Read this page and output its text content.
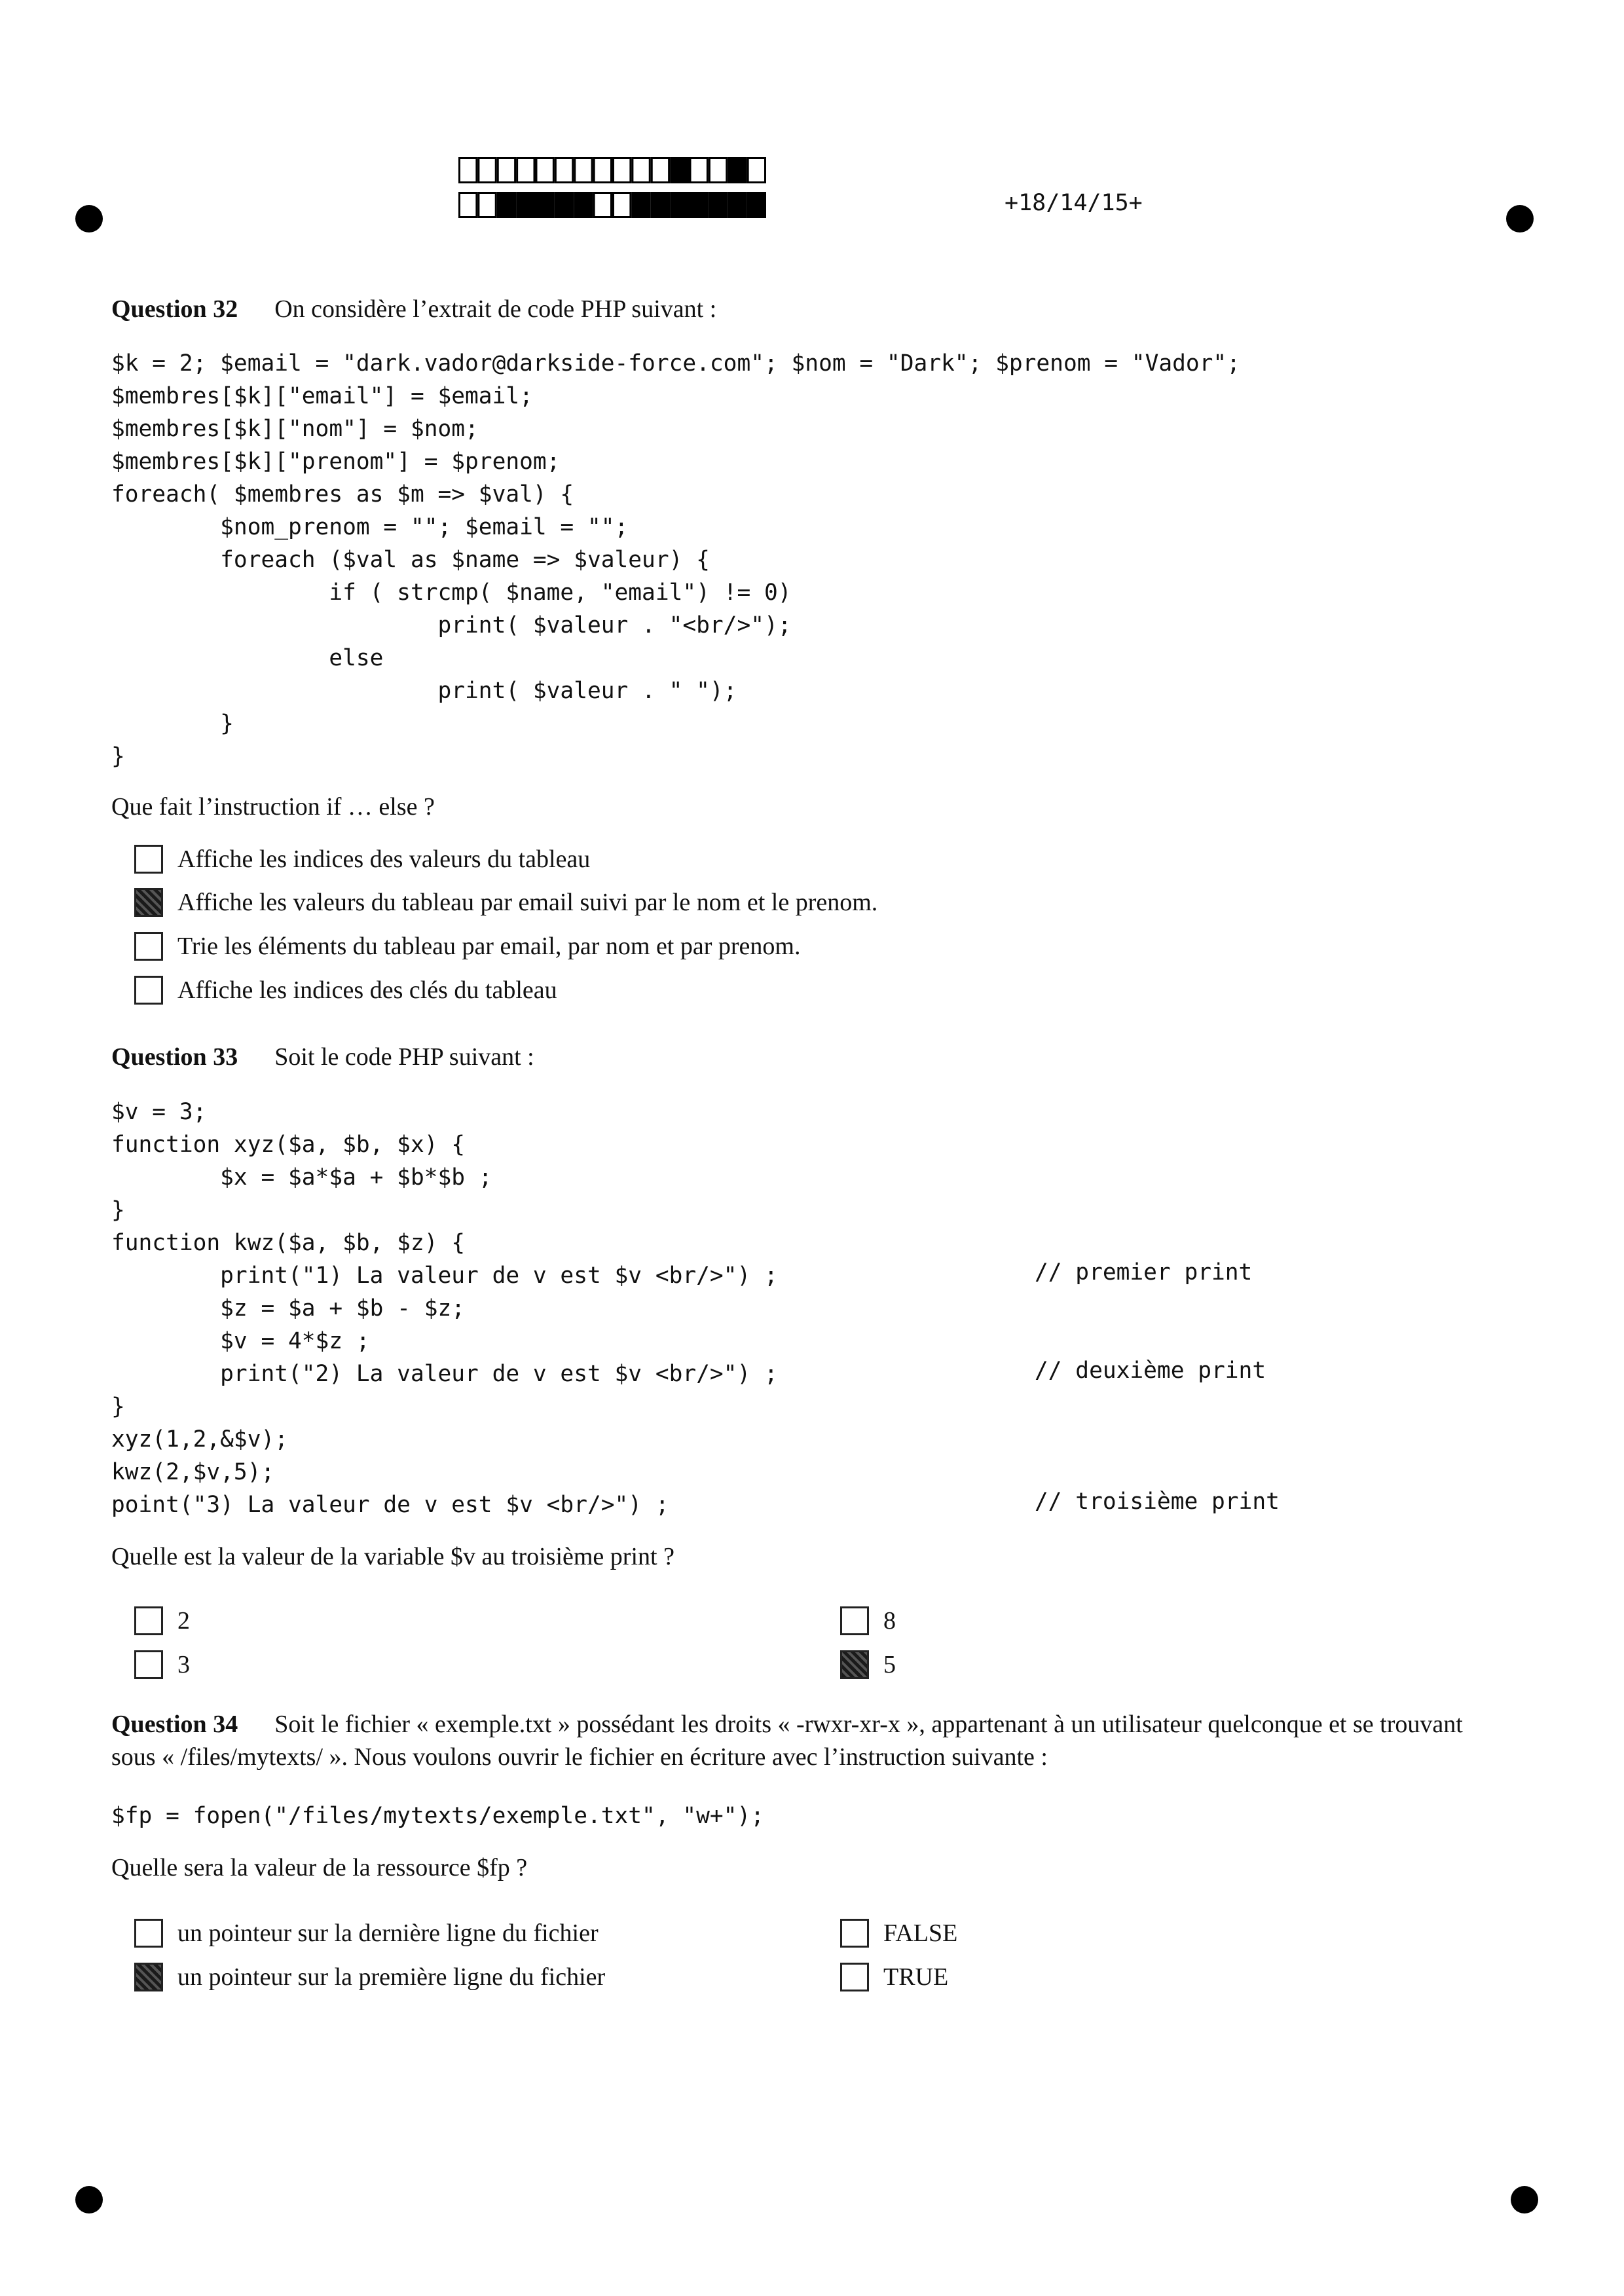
+18/14/15+
Question 32 On considère l’extrait de code PHP suivant :
$k = 2; $email = "dark.vador@darkside-force.com"; $nom = "Dark"; $prenom = "Vador";
$membres[$k]["email"] = $email;
$membres[$k]["nom"] = $nom;
$membres[$k]["prenom"] = $prenom;
foreach( $membres as $m => $val) {
$nom_prenom = ""; $email = "";
foreach ($val as $name => $valeur) {
if ( strcmp( $name, "email") != 0)
print( $valeur . "<br/>");
else
print( $valeur . " ");
}
}
Que fait l’instruction if … else ?
Affiche les indices des valeurs du tableau
Affiche les valeurs du tableau par email suivi par le nom et le prenom.
Trie les éléments du tableau par email, par nom et par prenom.
Affiche les indices des clés du tableau
Question 33 Soit le code PHP suivant :
$v = 3;
function xyz($a, $b, $x) {
$x = $a*$a + $b*$b ;
}
function kwz($a, $b, $z) {
print("1) La valeur de v est $v <br/>") ;
$z = $a + $b - $z;
$v = 4*$z ;
print("2) La valeur de v est $v <br/>") ;
}
xyz(1,2,&$v);
kwz(2,$v,5);
point("3) La valeur de v est $v <br/>") ;
// premier print
// deuxième print
// troisième print
Quelle est la valeur de la variable $v au troisième print ?
2
3
8
5
Question 34 Soit le fichier « exemple.txt » possédant les droits « -rwxr-xr-x », appartenant à un utilisateur quelconque et se trouvant sous « /files/mytexts/ ». Nous voulons ouvrir le fichier en écriture avec l’instruction suivante :
$fp = fopen("/files/mytexts/exemple.txt", "w+");
Quelle sera la valeur de la ressource $fp ?
un pointeur sur la dernière ligne du fichier
un pointeur sur la première ligne du fichier
FALSE
TRUE
